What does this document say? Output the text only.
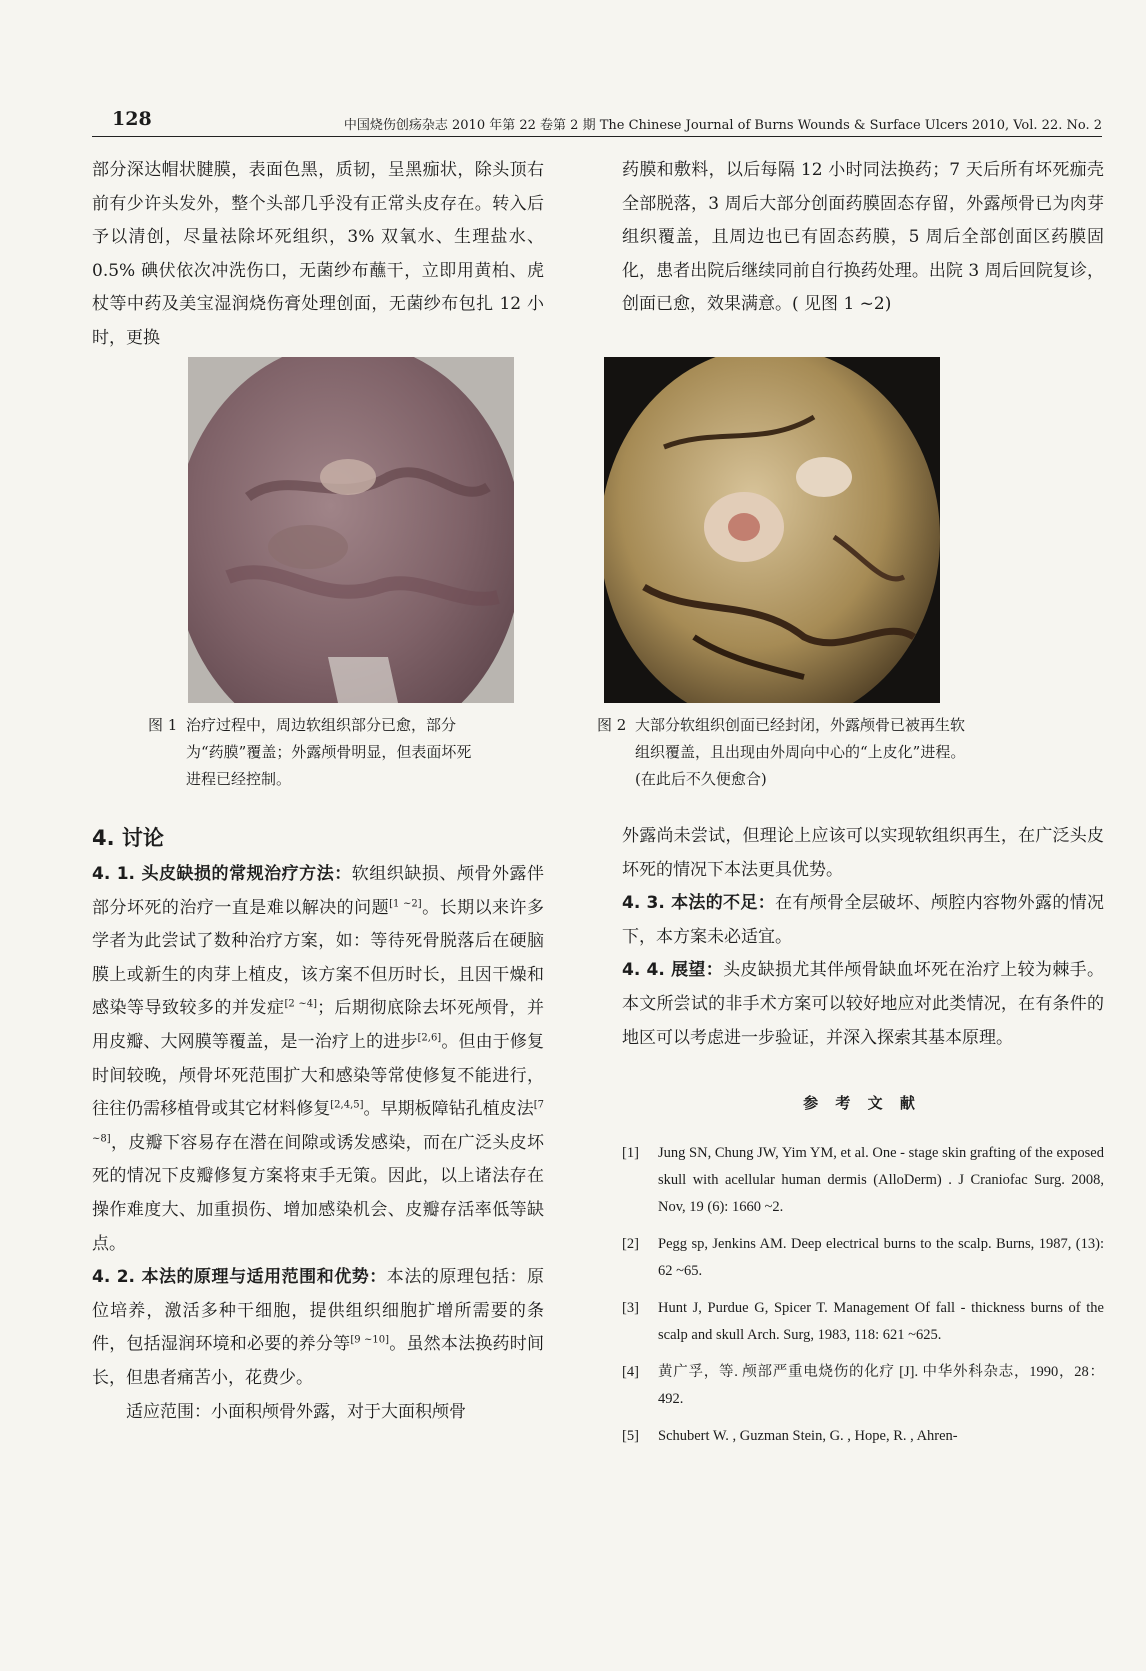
128	中国烧伤创疡杂志 2010 年第 22 卷第 2 期 The Chinese Journal of Burns Wounds & Surface Ulcers 2010, Vol. 22. No. 2

部分深达帽状腱膜，表面色黑，质韧，呈黑痂状，除头顶右前有少许头发外，整个头部几乎没有正常头皮存在。转入后予以清创，尽量祛除坏死组织，3% 双氧水、生理盐水、0.5% 碘伏依次冲洗伤口，无菌纱布蘸干，立即用黄柏、虎杖等中药及美宝湿润烧伤膏处理创面，无菌纱布包扎 12 小时，更换

药膜和敷料，以后每隔 12 小时同法换药；7 天后所有坏死痂壳全部脱落，3 周后大部分创面药膜固态存留，外露颅骨已为肉芽组织覆盖，且周边也已有固态药膜，5 周后全部创面区药膜固化，患者出院后继续同前自行换药处理。出院 3 周后回院复诊，创面已愈，效果满意。( 见图 1 ~2)

图 1 治疗过程中，周边软组织部分已愈，部分为“药膜”覆盖；外露颅骨明显，但表面坏死进程已经控制。
图 2 大部分软组织创面已经封闭，外露颅骨已被再生软组织覆盖，且出现由外周向中心的“上皮化”进程。(在此后不久便愈合)
4. 讨论

4. 1. 头皮缺损的常规治疗方法：软组织缺损、颅骨外露伴部分坏死的治疗一直是难以解决的问题[1 ~2]。长期以来许多学者为此尝试了数种治疗方案，如：等待死骨脱落后在硬脑膜上或新生的肉芽上植皮，该方案不但历时长，且因干燥和感染等导致较多的并发症[2 ~4]；后期彻底除去坏死颅骨，并用皮瓣、大网膜等覆盖，是一治疗上的进步[2,6]。但由于修复时间较晚，颅骨坏死范围扩大和感染等常使修复不能进行，往往仍需移植骨或其它材料修复[2,4,5]。早期板障钻孔植皮法[7 ~8]，皮瓣下容易存在潜在间隙或诱发感染，而在广泛头皮坏死的情况下皮瓣修复方案将束手无策。因此，以上诸法存在操作难度大、加重损伤、增加感染机会、皮瓣存活率低等缺点。

4. 2. 本法的原理与适用范围和优势：本法的原理包括：原位培养，激活多种干细胞，提供组织细胞扩增所需要的条件，包括湿润环境和必要的养分等[9 ~10]。虽然本法换药时间长，但患者痛苦小，花费少。

适应范围：小面积颅骨外露，对于大面积颅骨

外露尚未尝试，但理论上应该可以实现软组织再生，在广泛头皮坏死的情况下本法更具优势。

4. 3. 本法的不足：在有颅骨全层破坏、颅腔内容物外露的情况下，本方案未必适宜。

4. 4. 展望：头皮缺损尤其伴颅骨缺血坏死在治疗上较为棘手。本文所尝试的非手术方案可以较好地应对此类情况，在有条件的地区可以考虑进一步验证，并深入探索其基本原理。

参 考 文 献
[1]	Jung SN, Chung JW, Yim YM, et al. One - stage skin grafting of the exposed skull with acellular human dermis (AlloDerm) . J Craniofac Surg. 2008, Nov, 19 (6): 1660 ~2.
[2]	Pegg sp, Jenkins AM. Deep electrical burns to the scalp. Burns, 1987, (13): 62 ~65.
[3]	Hunt J, Purdue G, Spicer T. Management Of fall - thickness burns of the scalp and skull Arch. Surg, 1983, 118: 621 ~625.
[4]	黄广孚，等. 颅部严重电烧伤的化疗 [J]. 中华外科杂志，1990，28：492.
[5]	Schubert W. , Guzman Stein, G. , Hope, R. , Ahren-
